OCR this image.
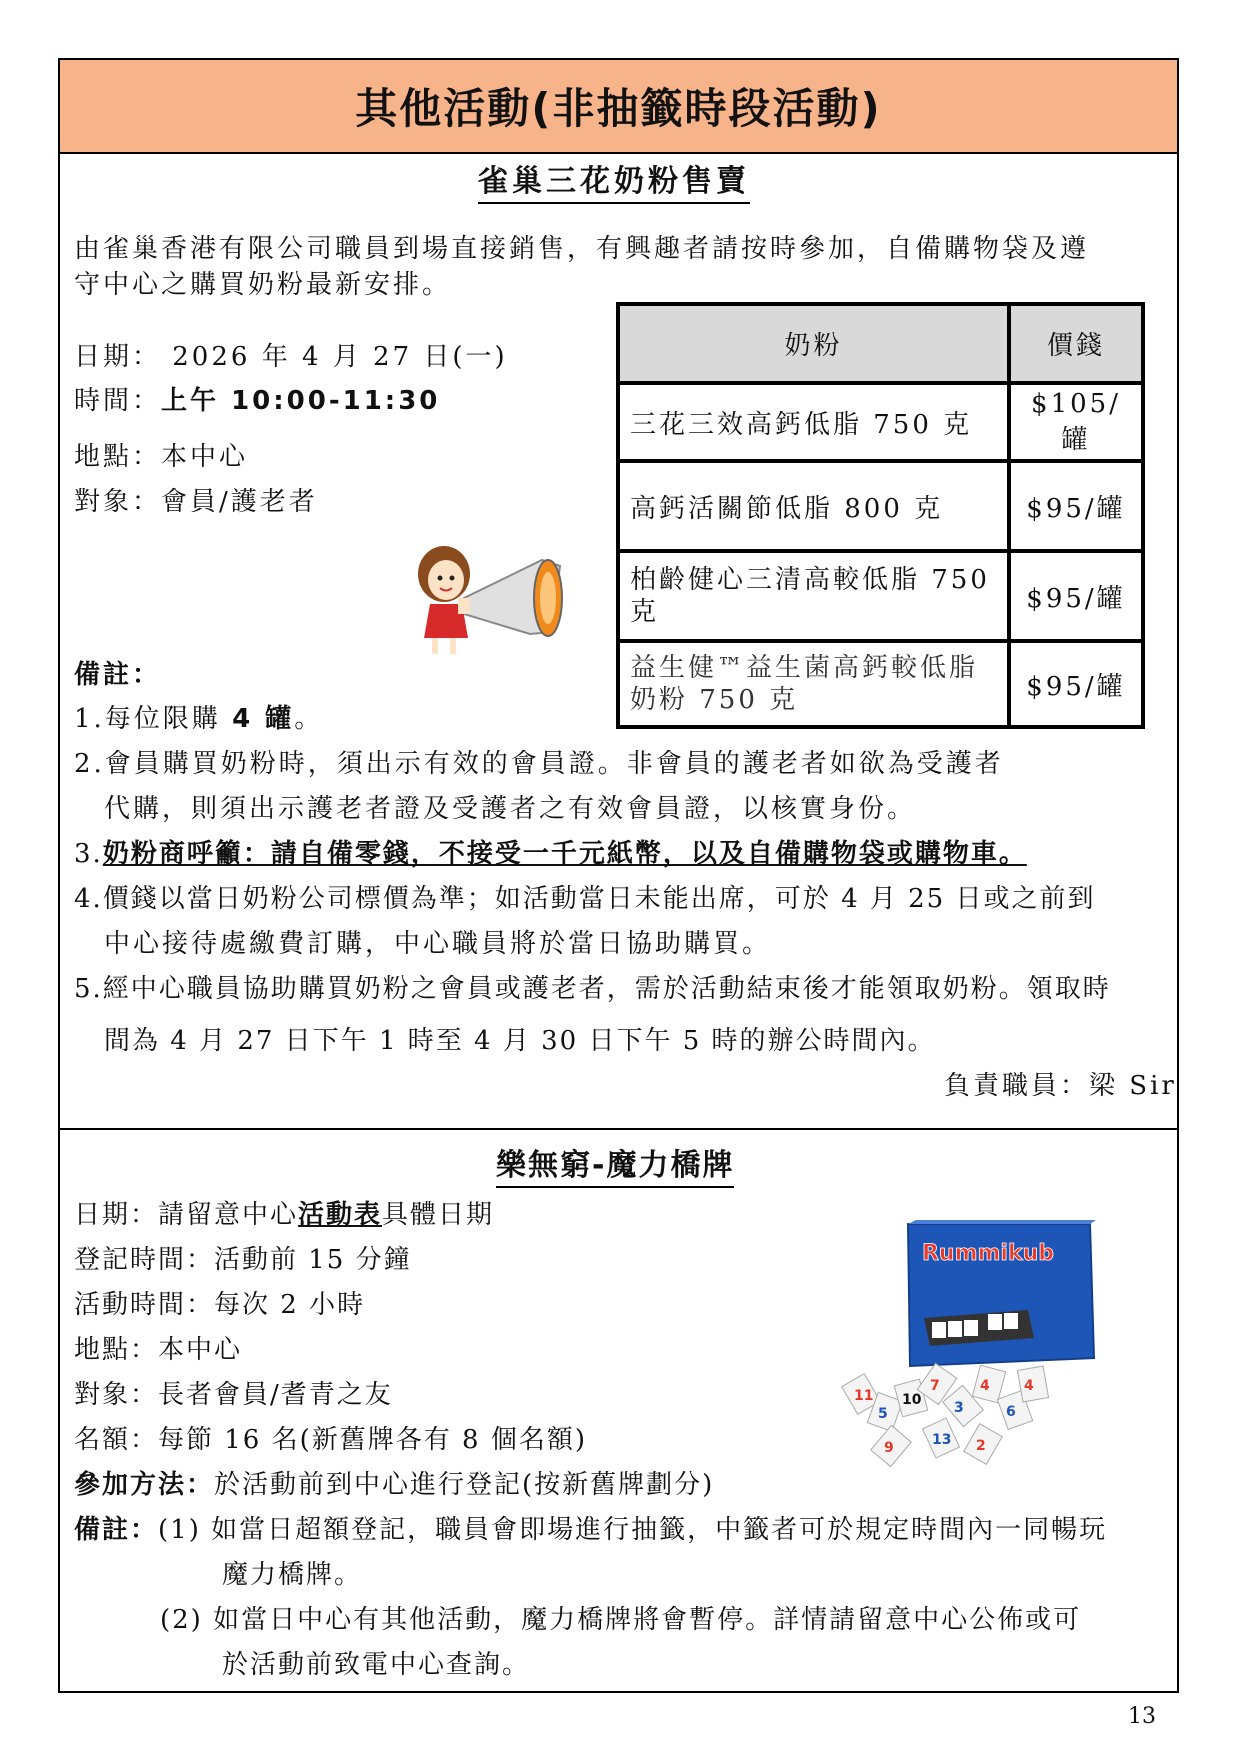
其他活動(非抽籤時段活動)
雀巢三花奶粉售賣
由雀巢香港有限公司職員到場直接銷售，有興趣者請按時參加，自備購物袋及遵
守中心之購買奶粉最新安排。
日期： 2026 年 4 月 27 日(一)
時間：上午 10:00-11:30
地點：本中心
對象：會員/護老者
奶粉	價錢
三花三效高鈣低脂 750 克	$105/罐
高鈣活關節低脂 800 克	$95/罐
柏齡健心三清高較低脂 750 克	$95/罐
益生健™益生菌高鈣較低脂奶粉 750 克	$95/罐
備註：
1.每位限購 4 罐。
2.會員購買奶粉時，須出示有效的會員證。非會員的護老者如欲為受護者
代購，則須出示護老者證及受護者之有效會員證，以核實身份。
3.奶粉商呼籲：請自備零錢，不接受一千元紙幣，以及自備購物袋或購物車。
4.價錢以當日奶粉公司標價為準；如活動當日未能出席，可於 4 月 25 日或之前到
中心接待處繳費訂購，中心職員將於當日協助購買。
5.經中心職員協助購買奶粉之會員或護老者，需於活動結束後才能領取奶粉。領取時
間為 4 月 27 日下午 1 時至 4 月 30 日下午 5 時的辦公時間內。
負責職員：梁 Sir
樂無窮-魔力橋牌
日期：請留意中心活動表具體日期
登記時間：活動前 15 分鐘
活動時間：每次 2 小時
地點：本中心
對象：長者會員/耆青之友
名額：每節 16 名(新舊牌各有 8 個名額)
參加方法：於活動前到中心進行登記(按新舊牌劃分)
備註：(1) 如當日超額登記，職員會即場進行抽籤，中籤者可於規定時間內一同暢玩
魔力橋牌。
(2) 如當日中心有其他活動，魔力橋牌將會暫停。詳情請留意中心公佈或可
於活動前致電中心查詢。
Rummikub
11
5
10
7
3
4
6
9	13 2
4
13
